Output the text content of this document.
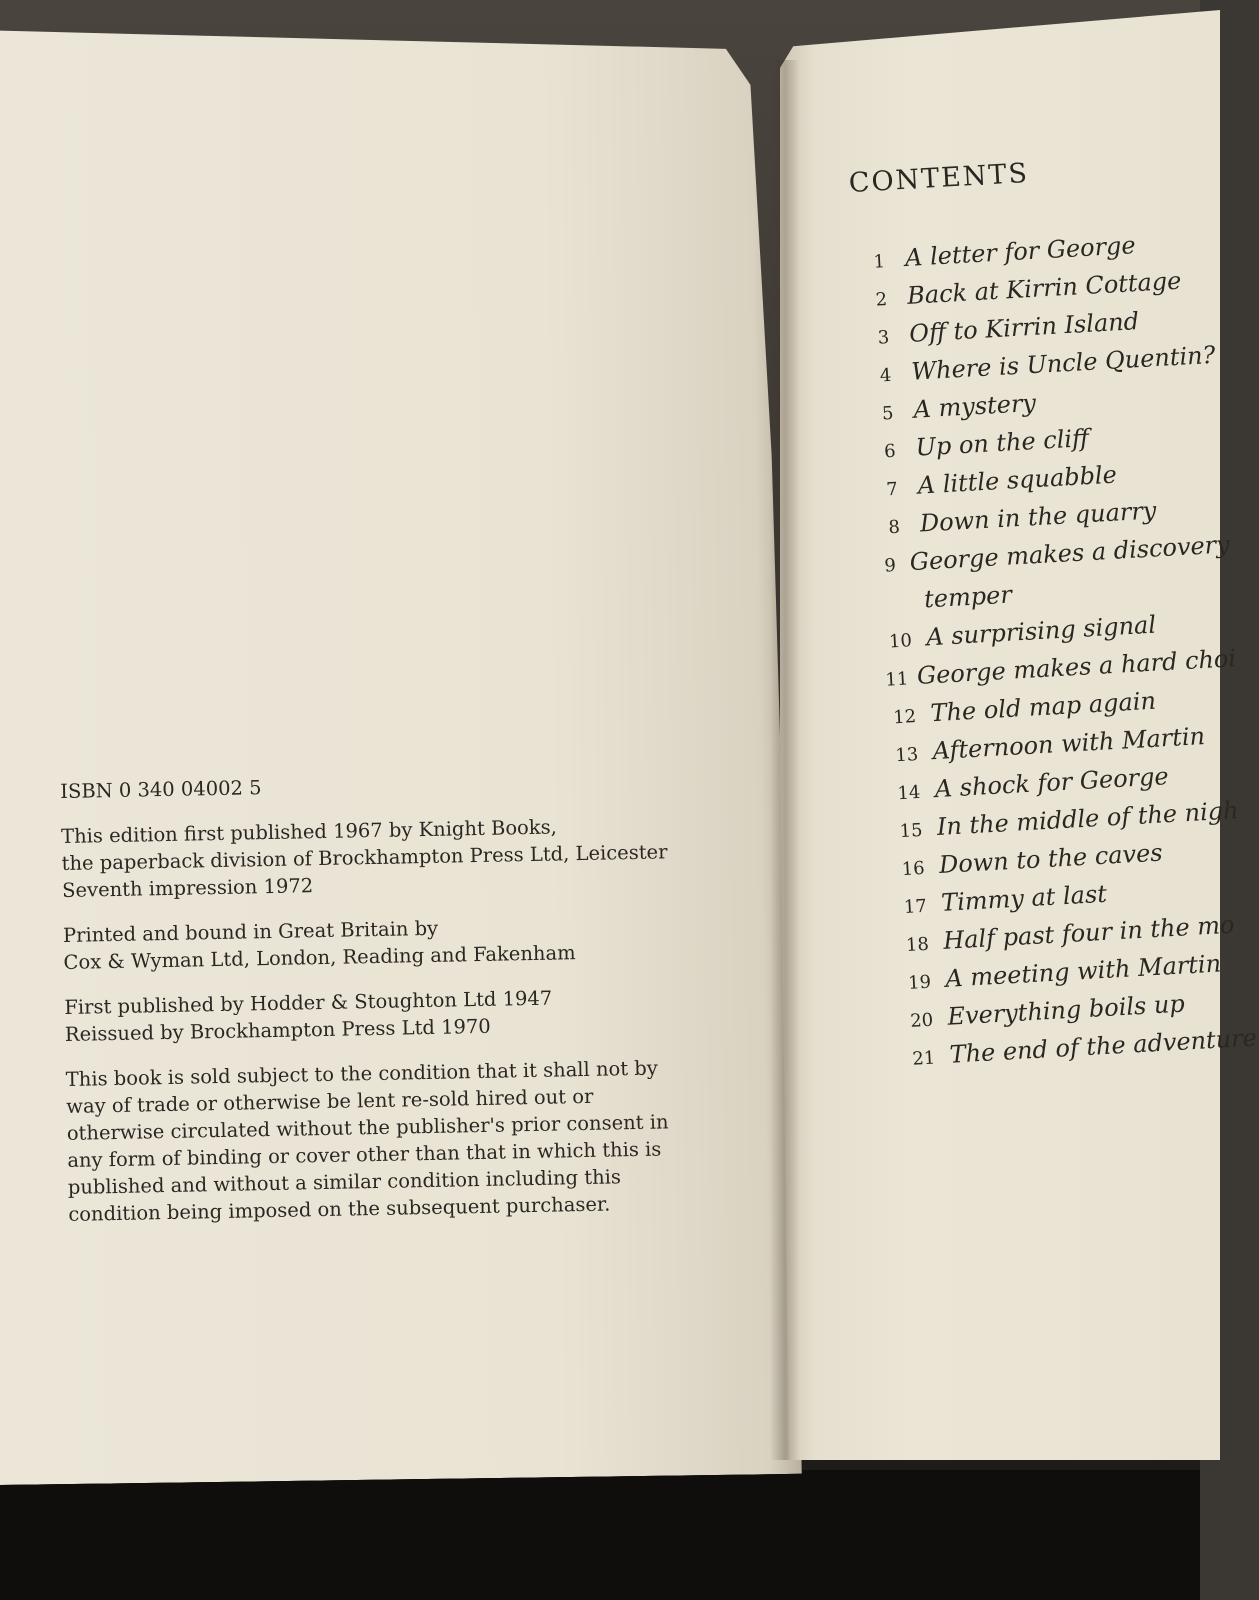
ISBN 0 340 04002 5

This edition first published 1967 by Knight Books,
the paperback division of Brockhampton Press Ltd, Leicester
Seventh impression 1972

Printed and bound in Great Britain by
Cox & Wyman Ltd, London, Reading and Fakenham

First published by Hodder & Stoughton Ltd 1947
Reissued by Brockhampton Press Ltd 1970

This book is sold subject to the condition that it shall not by
way of trade or otherwise be lent re-sold hired out or
otherwise circulated without the publisher's prior consent in
any form of binding or cover other than that in which this is
published and without a similar condition including this
condition being imposed on the subsequent purchaser.

CONTENTS
1 A letter for George
2 Back at Kirrin Cottage
3 Off to Kirrin Island
4 Where is Uncle Quentin?
5 A mystery
6 Up on the cliff
7 A little squabble
8 Down in the quarry
9 George makes a discovery
temper
10 A surprising signal
11 George makes a hard choi
12 The old map again
13 Afternoon with Martin
14 A shock for George
15 In the middle of the nigh
16 Down to the caves
17 Timmy at last
18 Half past four in the mo
19 A meeting with Martin
20 Everything boils up
21 The end of the adventure
